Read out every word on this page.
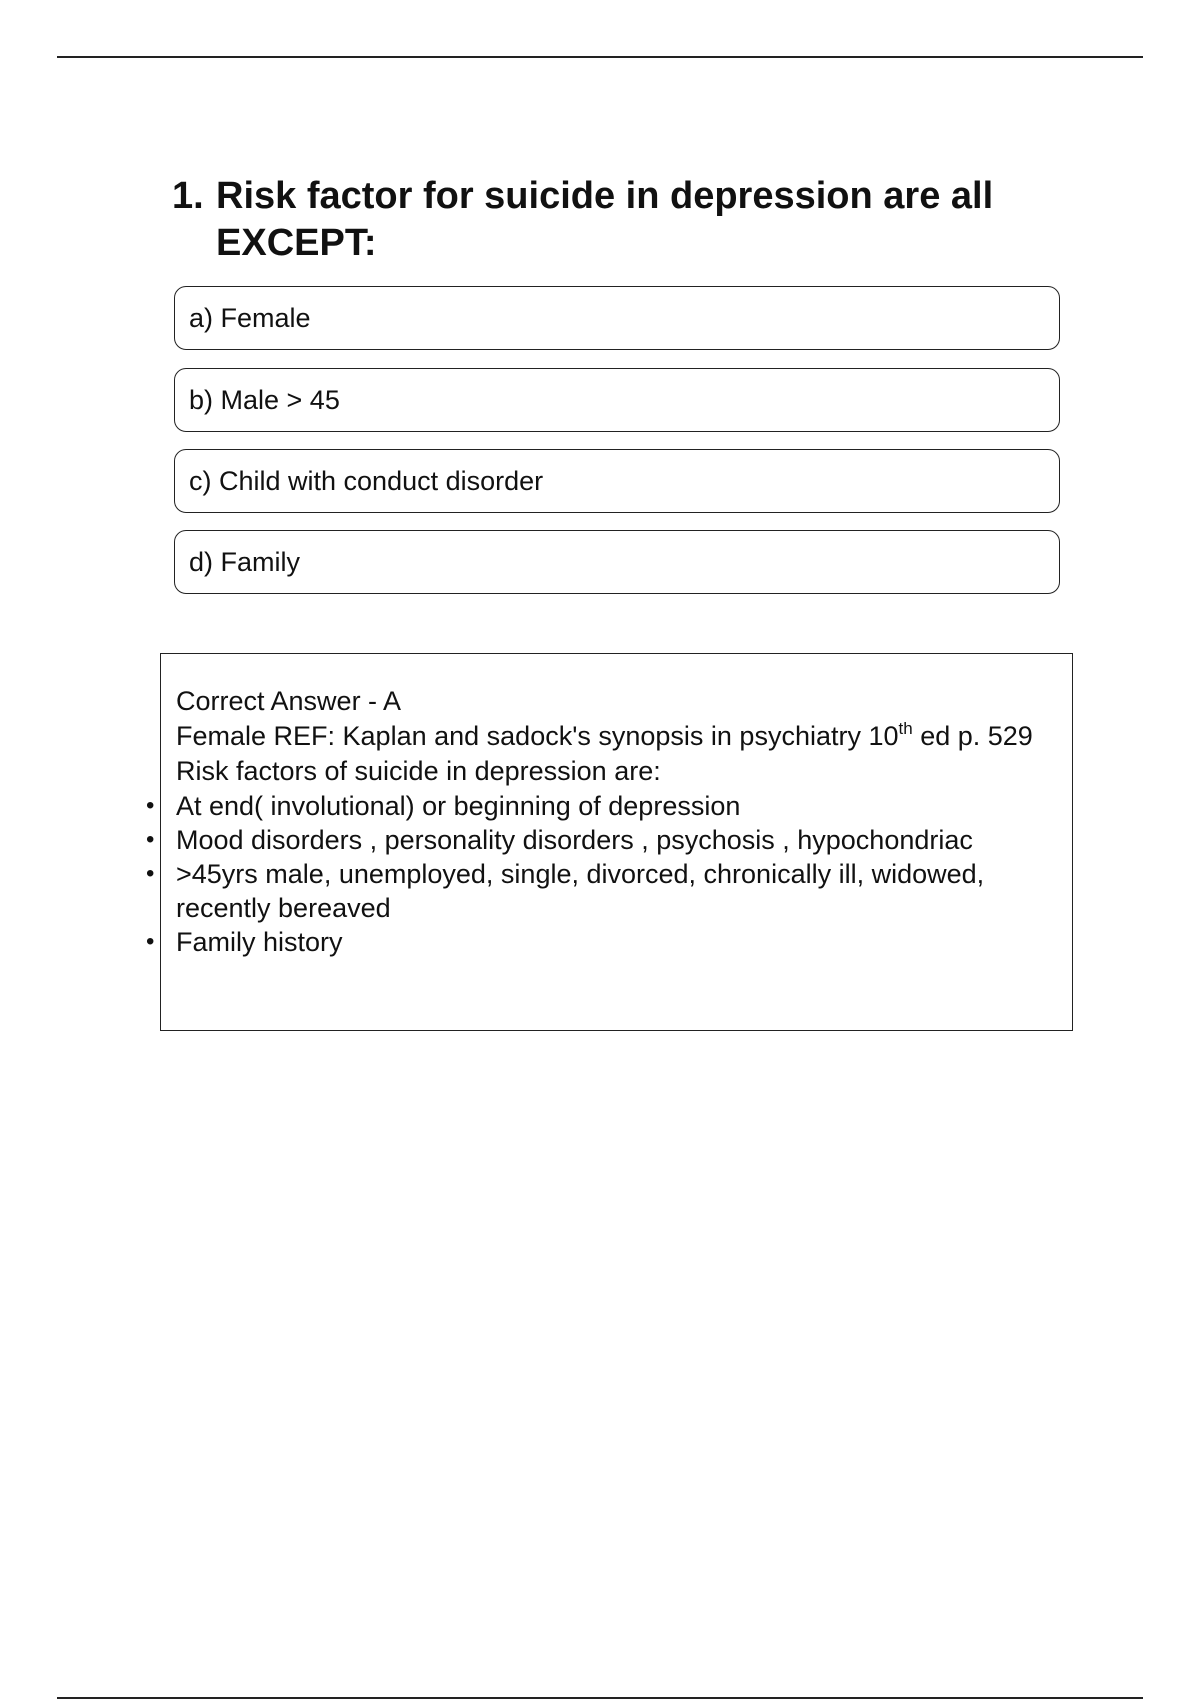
1. Risk factor for suicide in depression are all EXCEPT:
a) Female
b) Male > 45
c) Child with conduct disorder
d) Family

Correct Answer - A

Female REF: Kaplan and sadock's synopsis in psychiatry 10th ed p. 529

Risk factors of suicide in depression are:

• At end( involutional) or beginning of depression
• Mood disorders , personality disorders , psychosis , hypochondriac
• >45yrs male, unemployed, single, divorced, chronically ill, widowed, recently bereaved
• Family history
